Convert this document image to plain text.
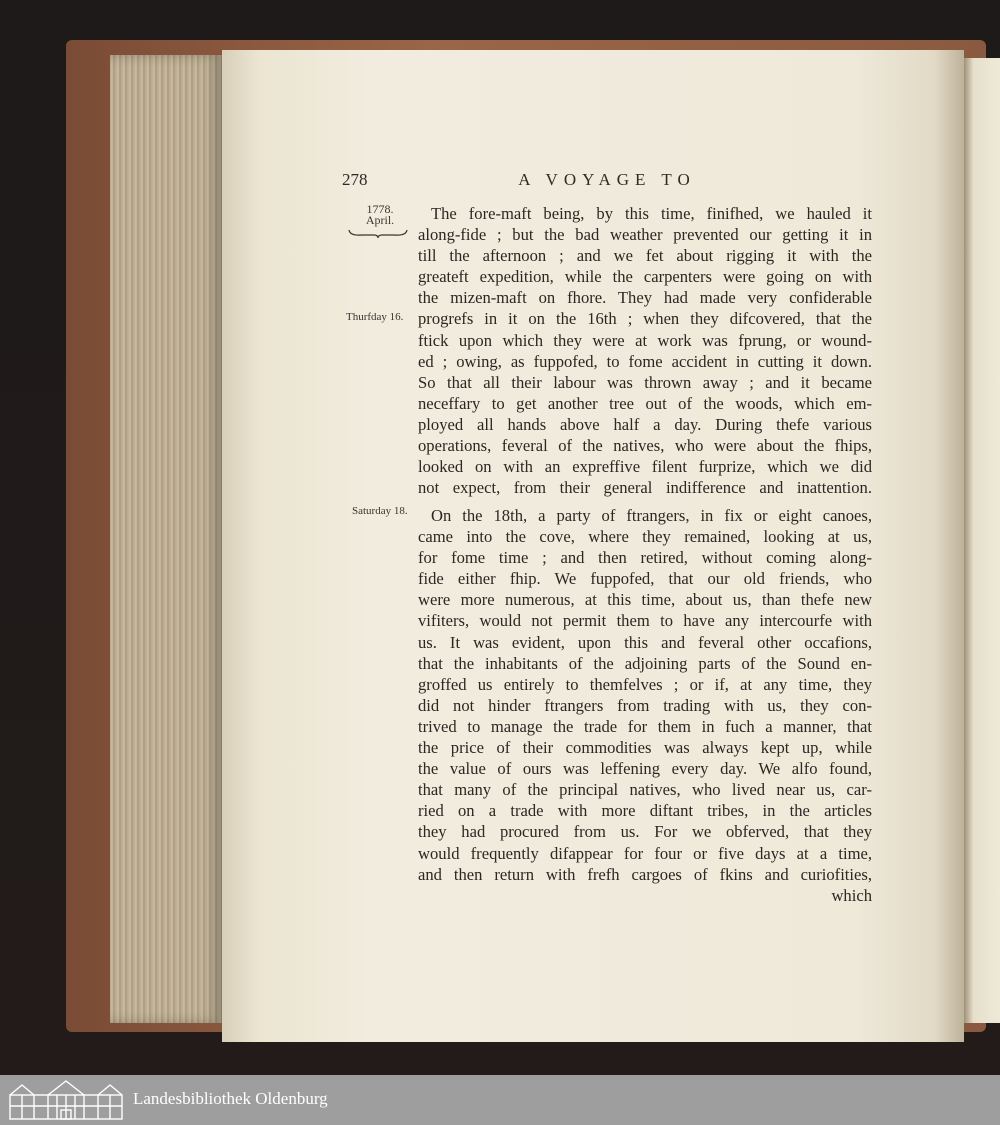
278	A VOYAGE TO
1778.
April.
Thurfday 16.
Saturday 18.
The fore-maft being, by this time, finifhed, we hauled it
along-fide ; but the bad weather prevented our getting it in
till the afternoon ; and we fet about rigging it with the
greateft expedition, while the carpenters were going on with
the mizen-maft on fhore. They had made very confiderable
progrefs in it on the 16th ; when they difcovered, that the
ftick upon which they were at work was fprung, or wound-
ed ; owing, as fuppofed, to fome accident in cutting it down.
So that all their labour was thrown away ; and it became
neceffary to get another tree out of the woods, which em-
ployed all hands above half a day. During thefe various
operations, feveral of the natives, who were about the fhips,
looked on with an expreffive filent furprize, which we did
not expect, from their general indifference and inattention.
On the 18th, a party of ftrangers, in fix or eight canoes,
came into the cove, where they remained, looking at us,
for fome time ; and then retired, without coming along-
fide either fhip. We fuppofed, that our old friends, who
were more numerous, at this time, about us, than thefe new
vifiters, would not permit them to have any intercourfe with
us. It was evident, upon this and feveral other occafions,
that the inhabitants of the adjoining parts of the Sound en-
groffed us entirely to themfelves ; or if, at any time, they
did not hinder ftrangers from trading with us, they con-
trived to manage the trade for them in fuch a manner, that
the price of their commodities was always kept up, while
the value of ours was leffening every day. We alfo found,
that many of the principal natives, who lived near us, car-
ried on a trade with more diftant tribes, in the articles
they had procured from us. For we obferved, that they
would frequently difappear for four or five days at a time,
and then return with frefh cargoes of fkins and curiofities,
which
Landesbibliothek Oldenburg
